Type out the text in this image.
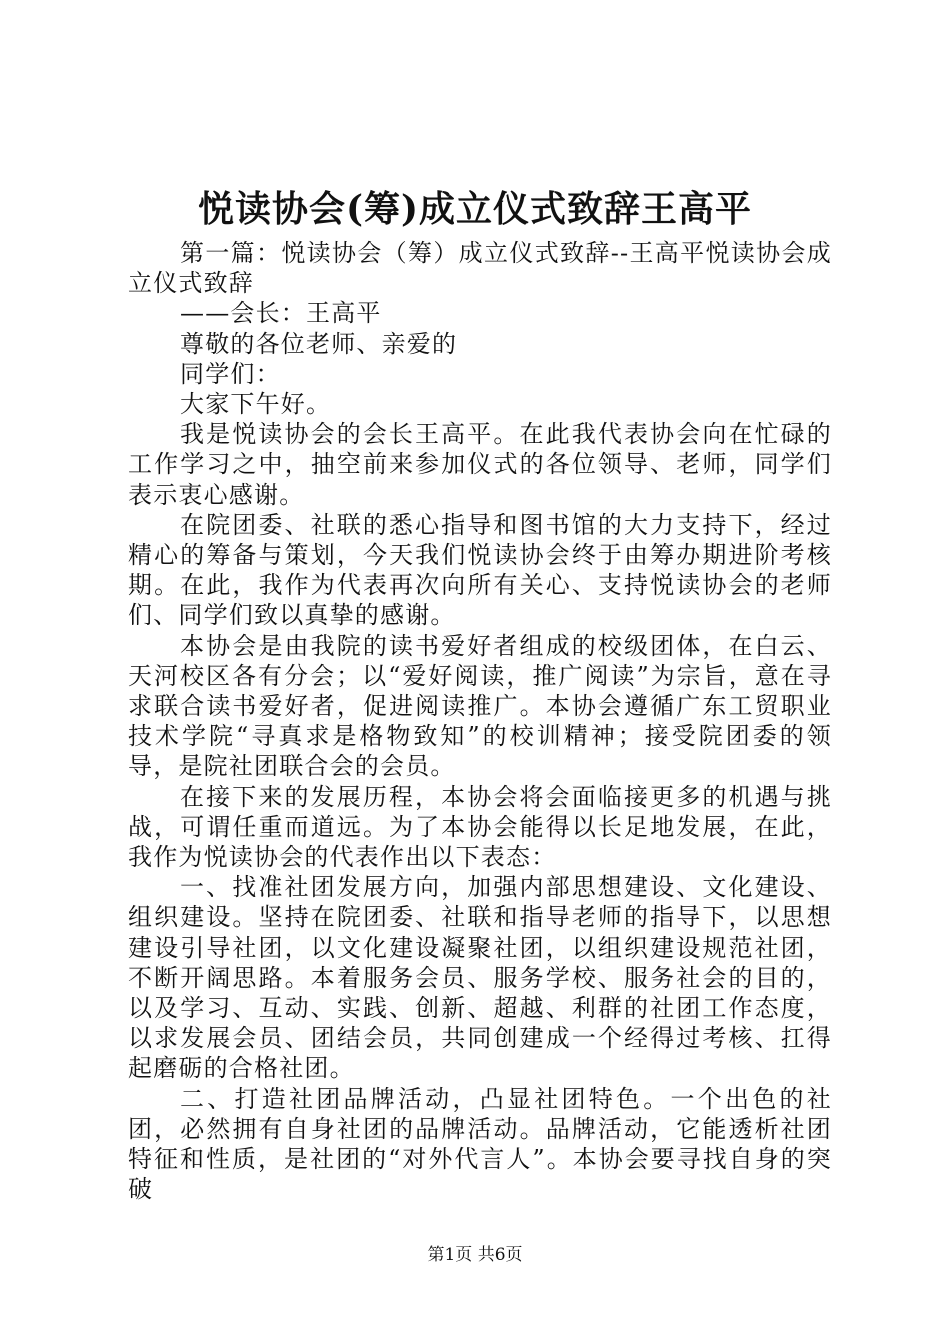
悦读协会(筹)成立仪式致辞王高平

第一篇：悦读协会（筹）成立仪式致辞--王高平悦读协会成立仪式致辞

——会长：王高平

尊敬的各位老师、亲爱的

同学们：

大家下午好。

我是悦读协会的会长王高平。在此我代表协会向在忙碌的工作学习之中，抽空前来参加仪式的各位领导、老师，同学们表示衷心感谢。

在院团委、社联的悉心指导和图书馆的大力支持下，经过精心的筹备与策划，今天我们悦读协会终于由筹办期进阶考核期。在此，我作为代表再次向所有关心、支持悦读协会的老师们、同学们致以真挚的感谢。

本协会是由我院的读书爱好者组成的校级团体，在白云、天河校区各有分会；以“爱好阅读，推广阅读”为宗旨，意在寻求联合读书爱好者，促进阅读推广。本协会遵循广东工贸职业技术学院“寻真求是格物致知”的校训精神；接受院团委的领导，是院社团联合会的会员。

在接下来的发展历程，本协会将会面临接更多的机遇与挑战，可谓任重而道远。为了本协会能得以长足地发展，在此，我作为悦读协会的代表作出以下表态：

一、找准社团发展方向，加强内部思想建设、文化建设、组织建设。坚持在院团委、社联和指导老师的指导下，以思想建设引导社团，以文化建设凝聚社团，以组织建设规范社团，不断开阔思路。本着服务会员、服务学校、服务社会的目的，以及学习、互动、实践、创新、超越、利群的社团工作态度，以求发展会员、团结会员，共同创建成一个经得过考核、扛得起磨砺的合格社团。

二、打造社团品牌活动，凸显社团特色。一个出色的社团，必然拥有自身社团的品牌活动。品牌活动，它能透析社团特征和性质，是社团的“对外代言人”。本协会要寻找自身的突破

第1页 共6页
